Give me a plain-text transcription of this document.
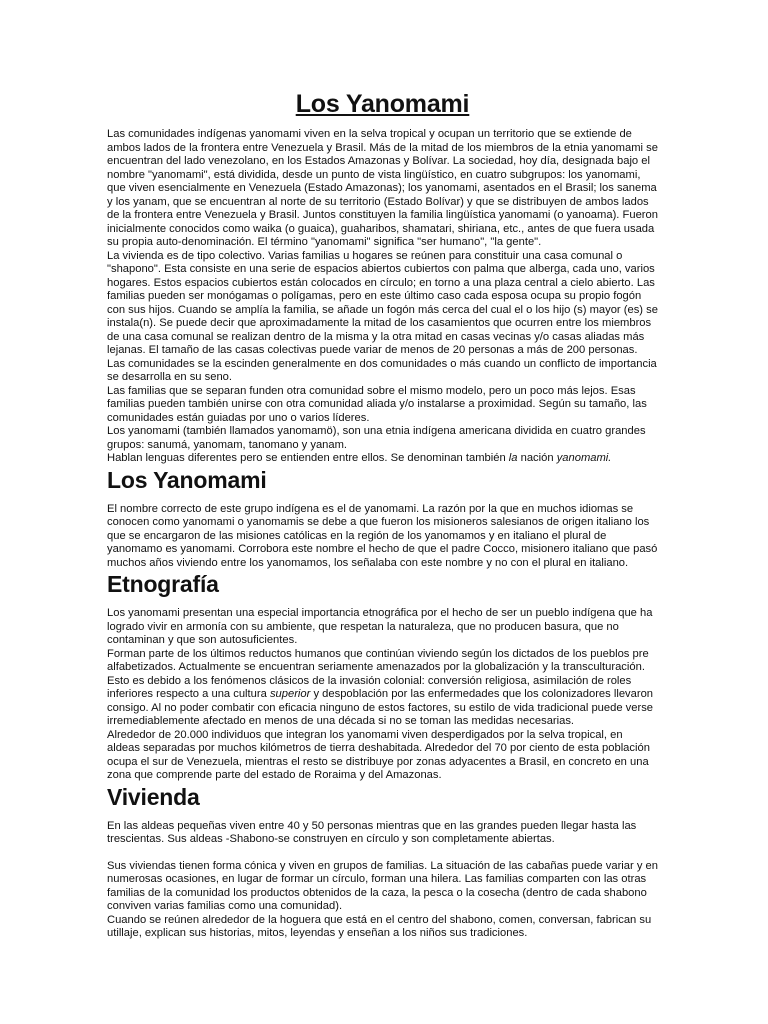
Los Yanomami

Las comunidades indígenas yanomami viven en la selva tropical y ocupan un territorio que se extiende de ambos lados de la frontera entre Venezuela y Brasil. Más de la mitad de los miembros de la etnia yanomami se encuentran del lado venezolano, en los Estados Amazonas y Bolívar. La sociedad, hoy día, designada bajo el nombre "yanomami", está dividida, desde un punto de vista lingüístico, en cuatro subgrupos: los yanomami, que viven esencialmente en Venezuela (Estado Amazonas); los yanomami, asentados en el Brasil; los sanema y los yanam, que se encuentran al norte de su territorio (Estado Bolívar) y que se distribuyen de ambos lados de la frontera entre Venezuela y Brasil. Juntos constituyen la familia lingüística yanomami (o yanoama). Fueron inicialmente conocidos como waika (o guaica), guaharibos, shamatari, shiriana, etc., antes de que fuera usada su propia auto-denominación. El término "yanomami" significa "ser humano", "la gente".

La vivienda es de tipo colectivo. Varias familias u hogares se reúnen para constituir una casa comunal o "shapono". Esta consiste en una serie de espacios abiertos cubiertos con palma que alberga, cada uno, varios hogares. Estos espacios cubiertos están colocados en círculo; en torno a una plaza central a cielo abierto. Las familias pueden ser monógamas o polígamas, pero en este último caso cada esposa ocupa su propio fogón con sus hijos. Cuando se amplía la familia, se añade un fogón más cerca del cual el o los hijo (s) mayor (es) se instala(n). Se puede decir que aproximadamente la mitad de los casamientos que ocurren entre los miembros de una casa comunal se realizan dentro de la misma y la otra mitad en casas vecinas y/o casas aliadas más lejanas. El tamaño de las casas colectivas puede variar de menos de 20 personas a más de 200 personas. Las comunidades se la escinden generalmente en dos comunidades o más cuando un conflicto de importancia se desarrolla en su seno.

Las familias que se separan funden otra comunidad sobre el mismo modelo, pero un poco más lejos. Esas familias pueden también unirse con otra comunidad aliada y/o instalarse a proximidad. Según su tamaño, las comunidades están guiadas por uno o varios líderes.

Los yanomami (también llamados yanomamö), son una etnia indígena americana dividida en cuatro grandes grupos: sanumá, yanomam, tanomano y yanam.

Hablan lenguas diferentes pero se entienden entre ellos. Se denominan también la nación yanomami.

Los Yanomami

El nombre correcto de este grupo indígena es el de yanomami. La razón por la que en muchos idiomas se conocen como yanomami o yanomamis se debe a que fueron los misioneros salesianos de origen italiano los que se encargaron de las misiones católicas en la región de los yanomamos y en italiano el plural de yanomamo es yanomami. Corrobora este nombre el hecho de que el padre Cocco, misionero italiano que pasó muchos años viviendo entre los yanomamos, los señalaba con este nombre y no con el plural en italiano.

Etnografía

Los yanomami presentan una especial importancia etnográfica por el hecho de ser un pueblo indígena que ha logrado vivir en armonía con su ambiente, que respetan la naturaleza, que no producen basura, que no contaminan y que son autosuficientes.

Forman parte de los últimos reductos humanos que continúan viviendo según los dictados de los pueblos pre alfabetizados. Actualmente se encuentran seriamente amenazados por la globalización y la transculturación.

Esto es debido a los fenómenos clásicos de la invasión colonial: conversión religiosa, asimilación de roles inferiores respecto a una cultura superior y despoblación por las enfermedades que los colonizadores llevaron consigo. Al no poder combatir con eficacia ninguno de estos factores, su estilo de vida tradicional puede verse irremediablemente afectado en menos de una década si no se toman las medidas necesarias.

Alrededor de 20.000 individuos que integran los yanomami viven desperdigados por la selva tropical, en aldeas separadas por muchos kilómetros de tierra deshabitada. Alrededor del 70 por ciento de esta población ocupa el sur de Venezuela, mientras el resto se distribuye por zonas adyacentes a Brasil, en concreto en una zona que comprende parte del estado de Roraima y del Amazonas.

Vivienda

En las aldeas pequeñas viven entre 40 y 50 personas mientras que en las grandes pueden llegar hasta las trescientas. Sus aldeas -Shabono-se construyen en círculo y son completamente abiertas.

Sus viviendas tienen forma cónica y viven en grupos de familias. La situación de las cabañas puede variar y en numerosas ocasiones, en lugar de formar un círculo, forman una hilera. Las familias comparten con las otras familias de la comunidad los productos obtenidos de la caza, la pesca o la cosecha (dentro de cada shabono conviven varias familias como una comunidad).

Cuando se reúnen alrededor de la hoguera que está en el centro del shabono, comen, conversan, fabrican su utillaje, explican sus historias, mitos, leyendas y enseñan a los niños sus tradiciones.
